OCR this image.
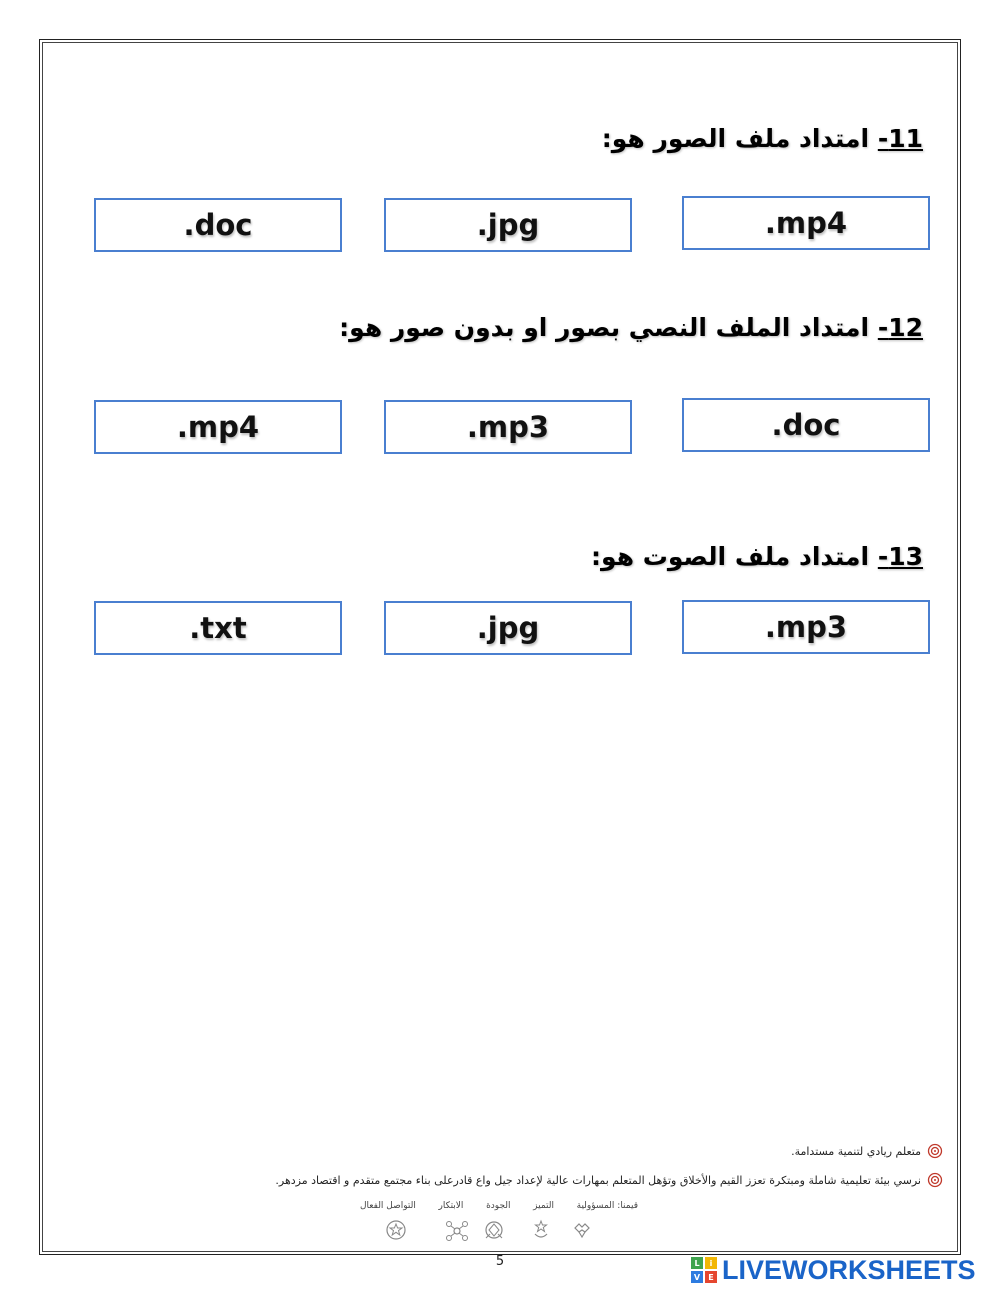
11- امتداد ملف الصور هو:
.mp4
.jpg
.doc
12- امتداد الملف النصي بصور او بدون صور هو:
.doc
.mp3
.mp4
13- امتداد ملف الصوت هو:
.mp3
.jpg
.txt
متعلم ريادي لتنمية مستدامة.
نرسي بيئة تعليمية شاملة ومبتكرة تعزز القيم والأخلاق وتؤهل المتعلم بمهارات عالية لإعداد جيل واع قادرعلى بناء مجتمع متقدم و اقتصاد مزدهر.
قيمنا: المسؤولية
التميز
الجودة
الابتكار
التواصل الفعال
5	L i
V E LIVEWORKSHEETS
